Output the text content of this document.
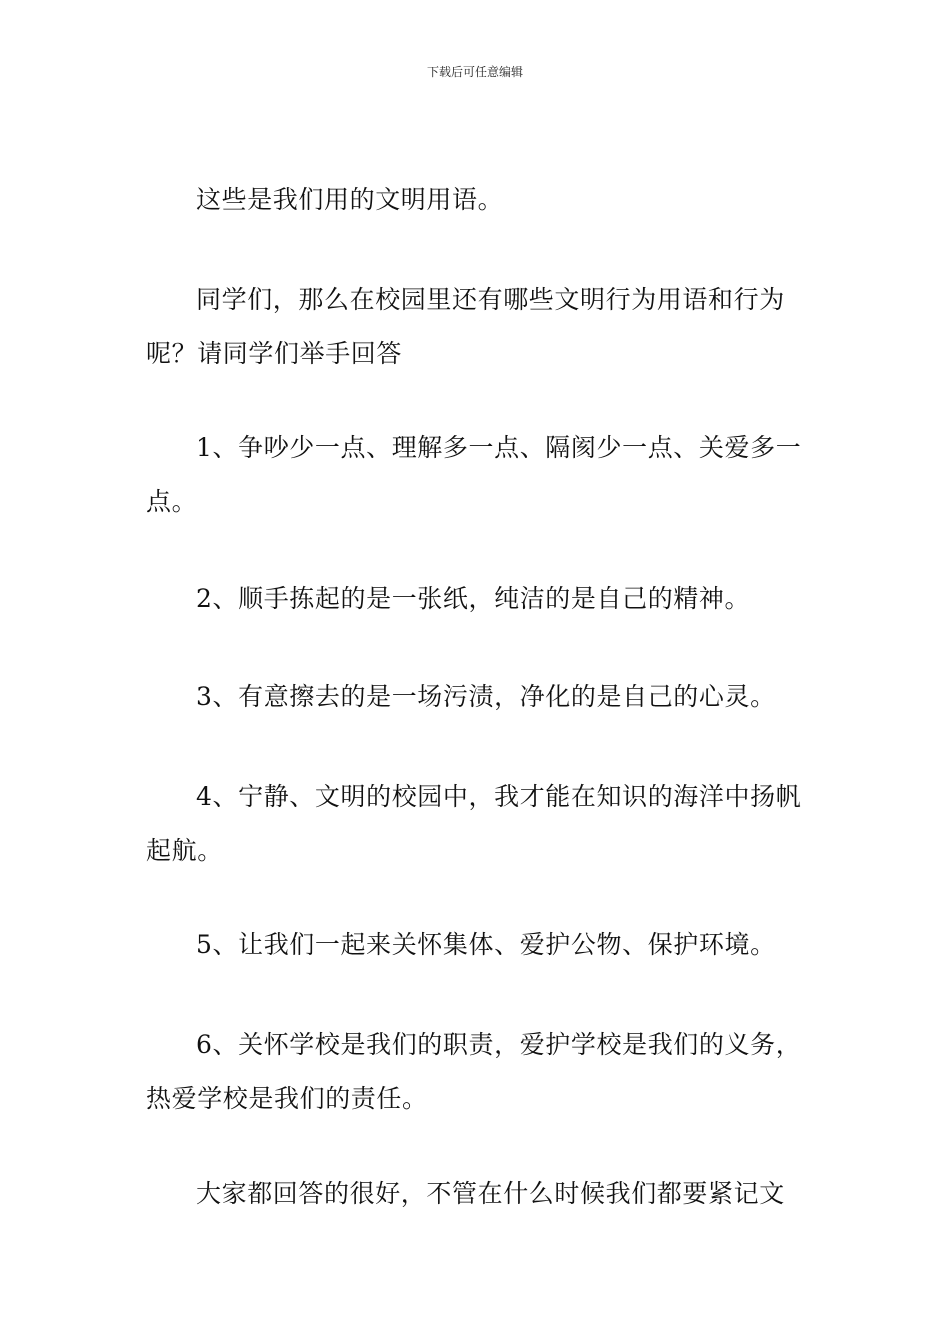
下载后可任意编辑

这些是我们用的文明用语。

同学们，那么在校园里还有哪些文明行为用语和行为呢？请同学们举手回答

1、争吵少一点、理解多一点、隔阂少一点、关爱多一点。

2、顺手拣起的是一张纸，纯洁的是自己的精神。

3、有意擦去的是一场污渍，净化的是自己的心灵。

4、宁静、文明的校园中，我才能在知识的海洋中扬帆起航。

5、让我们一起来关怀集体、爱护公物、保护环境。

6、关怀学校是我们的职责，爱护学校是我们的义务，热爱学校是我们的责任。

大家都回答的很好，不管在什么时候我们都要紧记文
